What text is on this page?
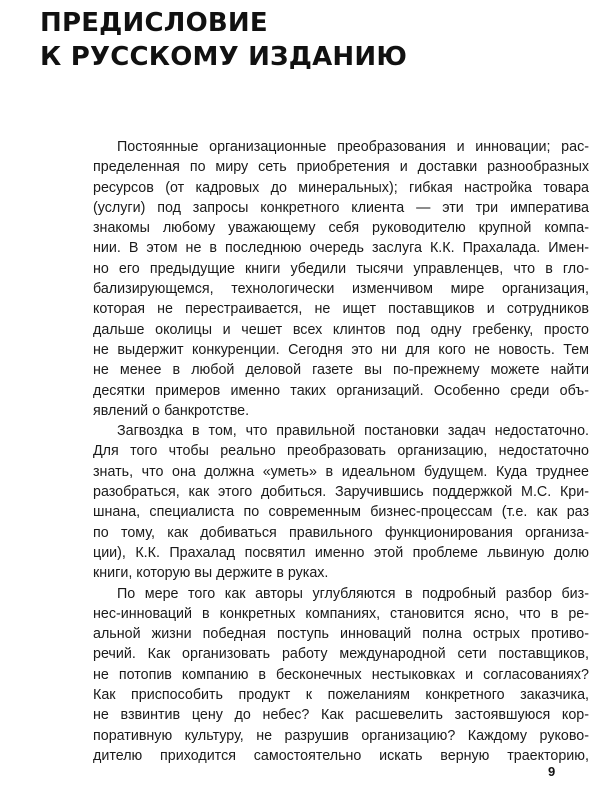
ПРЕДИСЛОВИЕ
К РУССКОМУ ИЗДАНИЮ
Постоянные организационные преобразования и инновации; рас-
пределенная по миру сеть приобретения и доставки разнообразных
ресурсов (от кадровых до минеральных); гибкая настройка товара
(услуги) под запросы конкретного клиента — эти три императива
знакомы любому уважающему себя руководителю крупной компа-
нии. В этом не в последнюю очередь заслуга К.К. Прахалада. Имен-
но его предыдущие книги убедили тысячи управленцев, что в гло-
бализирующемся, технологически изменчивом мире организация,
которая не перестраивается, не ищет поставщиков и сотрудников
дальше околицы и чешет всех клинтов под одну гребенку, просто
не выдержит конкуренции. Сегодня это ни для кого не новость. Тем
не менее в любой деловой газете вы по-прежнему можете найти
десятки примеров именно таких организаций. Особенно среди объ-
явлений о банкротстве.
Загвоздка в том, что правильной постановки задач недостаточно.
Для того чтобы реально преобразовать организацию, недостаточно
знать, что она должна «уметь» в идеальном будущем. Куда труднее
разобраться, как этого добиться. Заручившись поддержкой М.С. Кри-
шнана, специалиста по современным бизнес-процессам (т.е. как раз
по тому, как добиваться правильного функционирования организа-
ции), К.К. Прахалад посвятил именно этой проблеме львиную долю
книги, которую вы держите в руках.
По мере того как авторы углубляются в подробный разбор биз-
нес-инноваций в конкретных компаниях, становится ясно, что в ре-
альной жизни победная поступь инноваций полна острых противо-
речий. Как организовать работу международной сети поставщиков,
не потопив компанию в бесконечных нестыковках и согласованиях?
Как приспособить продукт к пожеланиям конкретного заказчика,
не взвинтив цену до небес? Как расшевелить застоявшуюся кор-
поративную культуру, не разрушив организацию? Каждому руково-
дителю приходится самостоятельно искать верную траекторию,
9
